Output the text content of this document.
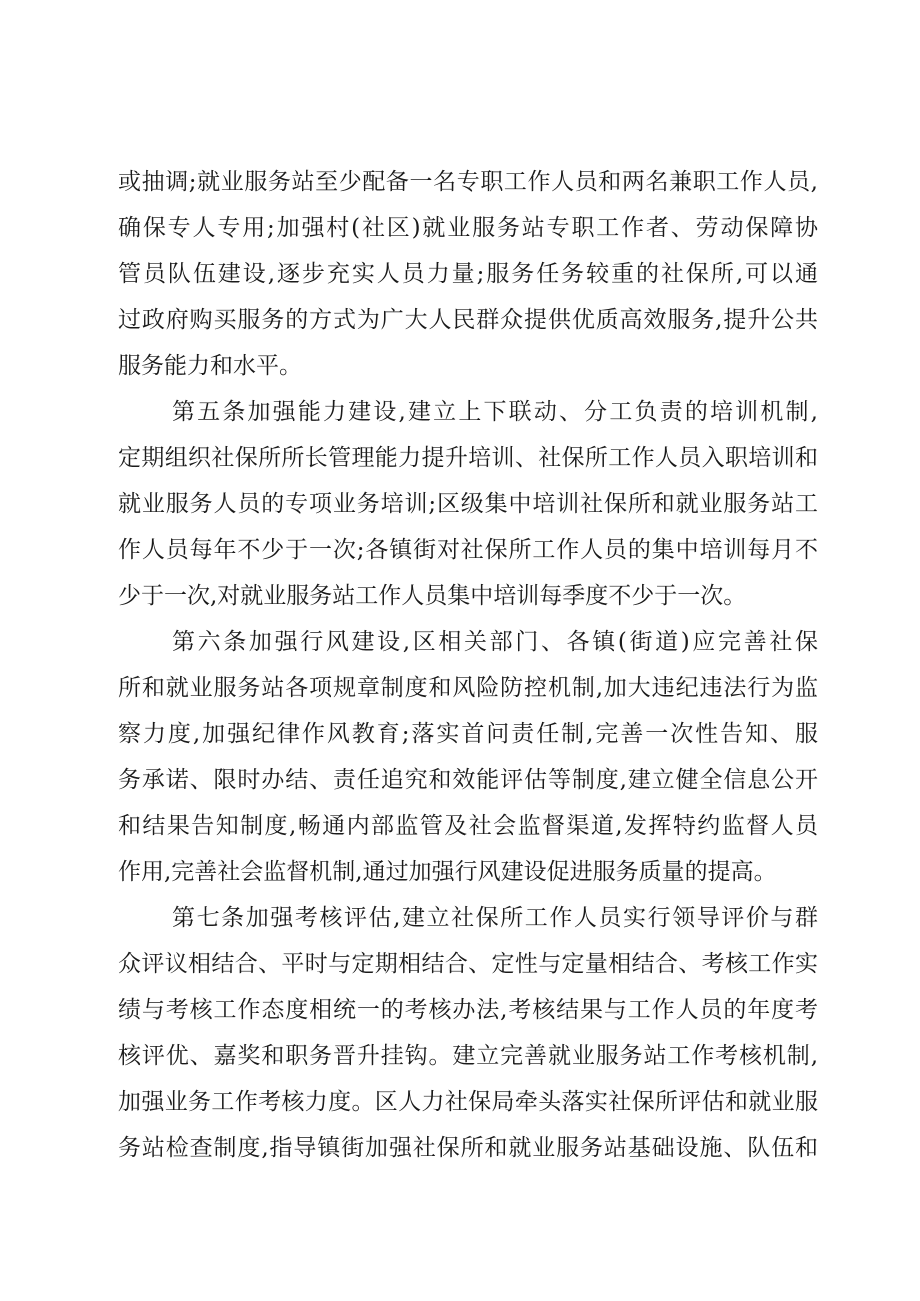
或抽调;就业服务站至少配备一名专职工作人员和两名兼职工作人员,
确保专人专用;加强村(社区)就业服务站专职工作者、劳动保障协
管员队伍建设,逐步充实人员力量;服务任务较重的社保所,可以通
过政府购买服务的方式为广大人民群众提供优质高效服务,提升公共
服务能力和水平。
第五条加强能力建设,建立上下联动、分工负责的培训机制,
定期组织社保所所长管理能力提升培训、社保所工作人员入职培训和
就业服务人员的专项业务培训;区级集中培训社保所和就业服务站工
作人员每年不少于一次;各镇街对社保所工作人员的集中培训每月不
少于一次,对就业服务站工作人员集中培训每季度不少于一次。
第六条加强行风建设,区相关部门、各镇(街道)应完善社保
所和就业服务站各项规章制度和风险防控机制,加大违纪违法行为监
察力度,加强纪律作风教育;落实首问责任制,完善一次性告知、服
务承诺、限时办结、责任追究和效能评估等制度,建立健全信息公开
和结果告知制度,畅通内部监管及社会监督渠道,发挥特约监督人员
作用,完善社会监督机制,通过加强行风建设促进服务质量的提高。
第七条加强考核评估,建立社保所工作人员实行领导评价与群
众评议相结合、平时与定期相结合、定性与定量相结合、考核工作实
绩与考核工作态度相统一的考核办法,考核结果与工作人员的年度考
核评优、嘉奖和职务晋升挂钩。建立完善就业服务站工作考核机制,
加强业务工作考核力度。区人力社保局牵头落实社保所评估和就业服
务站检查制度,指导镇街加强社保所和就业服务站基础设施、队伍和
